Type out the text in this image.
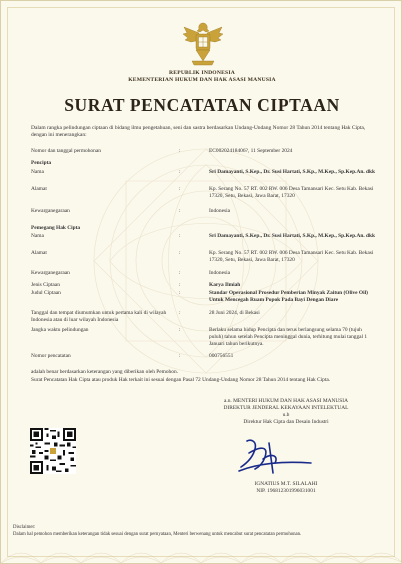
REPUBLIK INDONESIA
KEMENTERIAN HUKUM DAN HAK ASASI MANUSIA
SURAT PENCATATAN CIPTAAN
Dalam rangka pelindungan ciptaan di bidang ilmu pengetahuan, seni dan sastra berdasarkan Undang-Undang Nomor 28 Tahun 2014 tentang Hak Cipta, dengan ini menerangkan:
Nomor dan tanggal permohonan	:	EC00202418406?, 11 September 2024
Pencipta
Nama	:	Sri Damayanti, S.Kep., Dr. Susi Hartati, S.Kp., M.Kep., Sp.Kep.An. dkk
Alamat	:	Kp. Serang No. 57 RT. 002 RW. 006 Desa Tamansari Kec. Setu Kab. Bekasi 17320, Setu, Bekasi, Jawa Barat, 17320
Kewarganegaraan	:	Indonesia
Pemegang Hak Cipta
Nama	:	Sri Damayanti, S.Kep., Dr. Susi Hartati, S.Kp., M.Kep., Sp.Kep.An. dkk
Alamat	:	Kp. Serang No. 57 RT. 002 RW. 006 Desa Tamansari Kec. Setu Kab. Bekasi 17320, Setu, Bekasi, Jawa Barat, 17320
Kewarganegaraan	:	Indonesia
Jenis Ciptaan	:	Karya Ilmiah
Judul Ciptaan	:	Standar Operasional Prosedur Pemberian Minyak Zaitun (Olive Oil) Untuk Mencegah Ruam Popok Pada Bayi Dengan Diare
Tanggal dan tempat diumumkan untuk pertama kali di wilayah Indonesia atau di luar wilayah Indonesia
:	28 Juni 2024, di Bekasi
Jangka waktu pelindungan	:	Berlaku selama hidup Pencipta dan terus berlangsung selama 70 (tujuh puluh) tahun setelah Pencipta meninggal dunia, terhitung mulai tanggal 1 Januari tahun berikutnya.
Nomor pencatatan	:	000756551
adalah benar berdasarkan keterangan yang diberikan oleh Pemohon.
Surat Pencatatan Hak Cipta atau produk Hak terkait ini sesuai dengan Pasal 72 Undang-Undang Nomor 28 Tahun 2014 tentang Hak Cipta.
a.n. MENTERI HUKUM DAN HAK ASASI MANUSIA
DIREKTUR JENDERAL KEKAYAAN INTELEKTUAL
u.b
Direktur Hak Cipta dan Desain Industri
IGNATIUS M.T. SILALAHI
NIP. 196812301996031001
Disclaimer:
Dalam hal pemohon memberikan keterangan tidak sesuai dengan surat pernyataan, Menteri berwenang untuk mencabut surat pencatatan permohonan.
